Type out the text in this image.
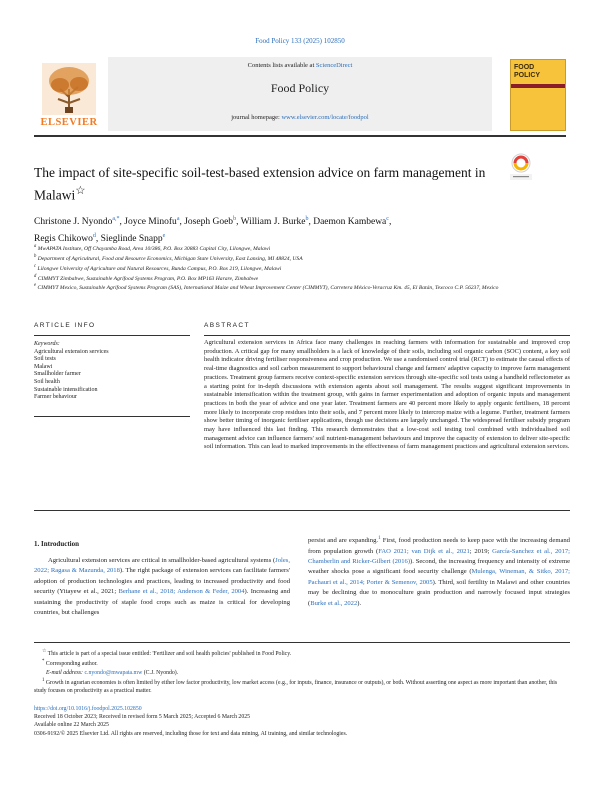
Food Policy 133 (2025) 102850
ELSEVIER
Contents lists available at ScienceDirect
Food Policy
journal homepage: www.elsevier.com/locate/foodpol
FOOD
POLICY
The impact of site-specific soil-test-based extension advice on farm management in Malawi☆
Christone J. Nyondo$^{a,*}$, Joyce Minofu$^a$, Joseph Goeb$^b$, William J. Burke$^b$, Daemon Kambewa$^c$,
Regis Chikowo$^d$, Sieglinde Snapp$^e$
$^a$ MwAPATA Institute, Off Chayamba Road, Area 10/386, P.O. Box 30883 Capital City, Lilongwe, Malawi
$^b$ Department of Agricultural, Food and Resource Economics, Michigan State University, East Lansing, MI 48824, USA
$^c$ Lilongwe University of Agriculture and Natural Resources, Bunda Campus, P.O. Box 219, Lilongwe, Malawi
$^d$ CIMMYT Zimbabwe, Sustainable Agrifood Systems Program, P.O. Box MP163 Harare, Zimbabwe
$^e$ CIMMYT Mexico, Sustainable Agrifood Systems Program (SAS), International Maize and Wheat Improvement Center (CIMMYT), Carretera México-Veracruz Km. 45, El Batán, Texcoco C.P. 56237, Mexico
ARTICLE INFO	ABSTRACT
Keywords:
Agricultural extension services
Soil tests
Malawi
Smallholder farmer
Soil health
Sustainable intensification
Farmer behaviour
Agricultural extension services in Africa face many challenges in reaching farmers with information for sustainable and improved crop production. A critical gap for many smallholders is a lack of knowledge of their soils, including soil organic carbon (SOC) content, a key soil health indicator driving fertiliser responsiveness and crop production. We use a randomised control trial (RCT) to estimate the causal effects of real-time diagnostics and soil carbon measurement to support behavioural change and farmers' adaptive capacity to improve farm management practices. Treatment group farmers receive context-specific extension services through site-specific soil tests using a handheld reflectometer as a starting point for in-depth discussions with extension agents about soil management. The results suggest significant improvements in sustainable intensification within the treatment group, with gains in farmer experimentation and adoption of organic inputs and management practices in both the year of advice and one year later. Treatment farmers are 40 percent more likely to apply organic fertilisers, 18 percent more likely to incorporate crop residues into their soils, and 7 percent more likely to intercrop maize with a legume. Further, treatment farmers show better timing of inorganic fertiliser applications, though use decisions are largely unchanged. The widespread fertiliser subsidy program may have influenced this last finding. This research demonstrates that a low-cost soil testing tool combined with individualised soil management advice can influence farmers' soil nutrient-management behaviours and improve the capacity of extension to deliver site-specific soil information. This can lead to marked improvements in the effectiveness of farm management practices and agricultural extension services.
1. Introduction

Agricultural extension services are critical in smallholder-based agricultural systems (Joles, 2022; Ragasa & Mazunda, 2018). The right package of extension services can facilitate farmers' adoption of production technologies and practices, leading to increased productivity and food security (Yitayew et al., 2021; Berhane et al., 2018; Anderson & Feder, 2004). Increasing and sustaining the productivity of staple food crops such as maize is critical for developing countries, but challenges

persist and are expanding.$^1$ First, food production needs to keep pace with the increasing demand from population growth (FAO 2021; van Dijk et al., 2021; 2019; García-Sanchez et al., 2017; Chamberlin and Ricker-Gilbert (2016)). Second, the increasing frequency and intensity of extreme weather shocks pose a significant food security challenge (Mulenga, Wineman, & Sitko, 2017; Pachauri et al., 2014; Porter & Semenov, 2005). Third, soil fertility in Malawi and other countries may be declining due to monoculture grain production and narrowly focused input strategies (Burke et al., 2022).

☆ This article is part of a special issue entitled: 'Fertilizer and soil health policies' published in Food Policy.

* Corresponding author.

E-mail address: c.nyondo@mwapata.mw (C.J. Nyondo).

$^1$ Growth in agrarian economies is often limited by either low factor productivity, low market access (e.g., for inputs, finance, insurance or outputs), or both. Without asserting one aspect as more important than another, this study focuses on productivity as a practical matter.

https://doi.org/10.1016/j.foodpol.2025.102850

Received 18 October 2023; Received in revised form 5 March 2025; Accepted 6 March 2025

Available online 22 March 2025

0306-9192/© 2025 Elsevier Ltd. All rights are reserved, including those for text and data mining, AI training, and similar technologies.
